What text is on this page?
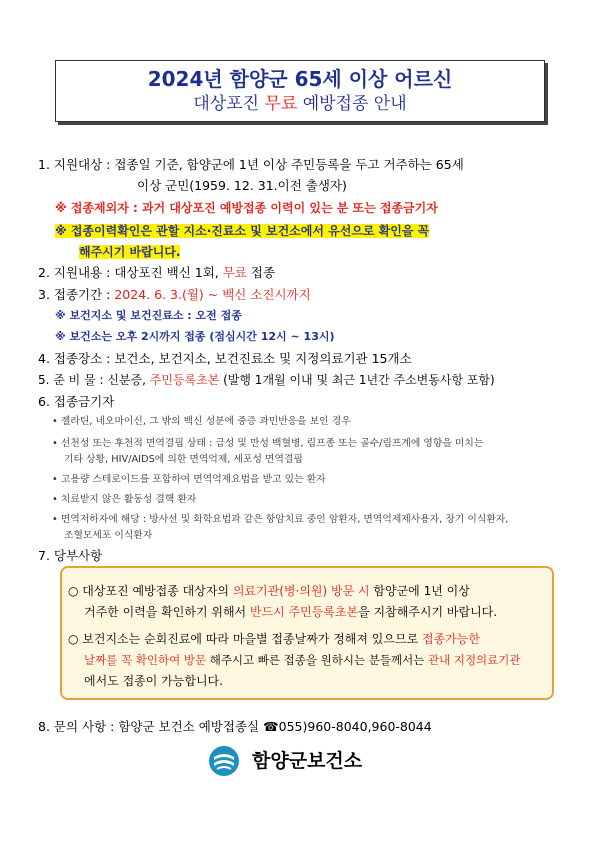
2024년 함양군 65세 이상 어르신
대상포진 무료 예방접종 안내
1. 지원대상 : 접종일 기준, 함양군에 1년 이상 주민등록을 두고 거주하는 65세
이상 군민(1959. 12. 31.이전 출생자)
※ 접종제외자 : 과거 대상포진 예방접종 이력이 있는 분 또는 접종금기자
※ 접종이력확인은 관할 지소·진료소 및 보건소에서 유선으로 확인을 꼭
해주시기 바랍니다.
2. 지원내용 : 대상포진 백신 1회, 무료 접종
3. 접종기간 : 2024. 6. 3.(월) ~ 백신 소진시까지
※ 보건지소 및 보건진료소 : 오전 접종
※ 보건소는 오후 2시까지 접종 (점심시간 12시 ~ 13시)
4. 접종장소 : 보건소, 보건지소, 보건진료소 및 지정의료기관 15개소
5. 준 비 물 : 신분증, 주민등록초본 (발행 1개월 이내 및 최근 1년간 주소변동사항 포함)
6. 접종금기자
• 젤라틴, 네오마이신, 그 밖의 백신 성분에 중증 과민반응을 보인 경우
• 선천성 또는 후천적 면역결핍 상태 : 급성 및 만성 백혈병, 림프종 또는 골수/림프계에 영향을 미치는
기타 상황, HIV/AIDS에 의한 면역억제, 세포성 면역결핍
• 고용량 스테로이드를 포함하여 면역억제요법을 받고 있는 환자
• 치료받지 않은 활동성 결핵 환자
• 면역저하자에 해당 : 방사선 및 화학요법과 같은 항암치료 중인 암환자, 면역억제제사용자, 장기 이식환자,
조혈모세포 이식환자
7. 당부사항
○ 대상포진 예방접종 대상자의 의료기관(병·의원) 방문 시 함양군에 1년 이상
거주한 이력을 확인하기 위해서 반드시 주민등록초본을 지참해주시기 바랍니다.
○ 보건지소는 순회진료에 따라 마을별 접종날짜가 정해져 있으므로 접종가능한
날짜를 꼭 확인하여 방문 해주시고 빠른 접종을 원하시는 분들께서는 관내 지정의료기관
에서도 접종이 가능합니다.
8. 문의 사항 : 함양군 보건소 예방접종실 ☎055)960-8040,960-8044
함양군보건소
